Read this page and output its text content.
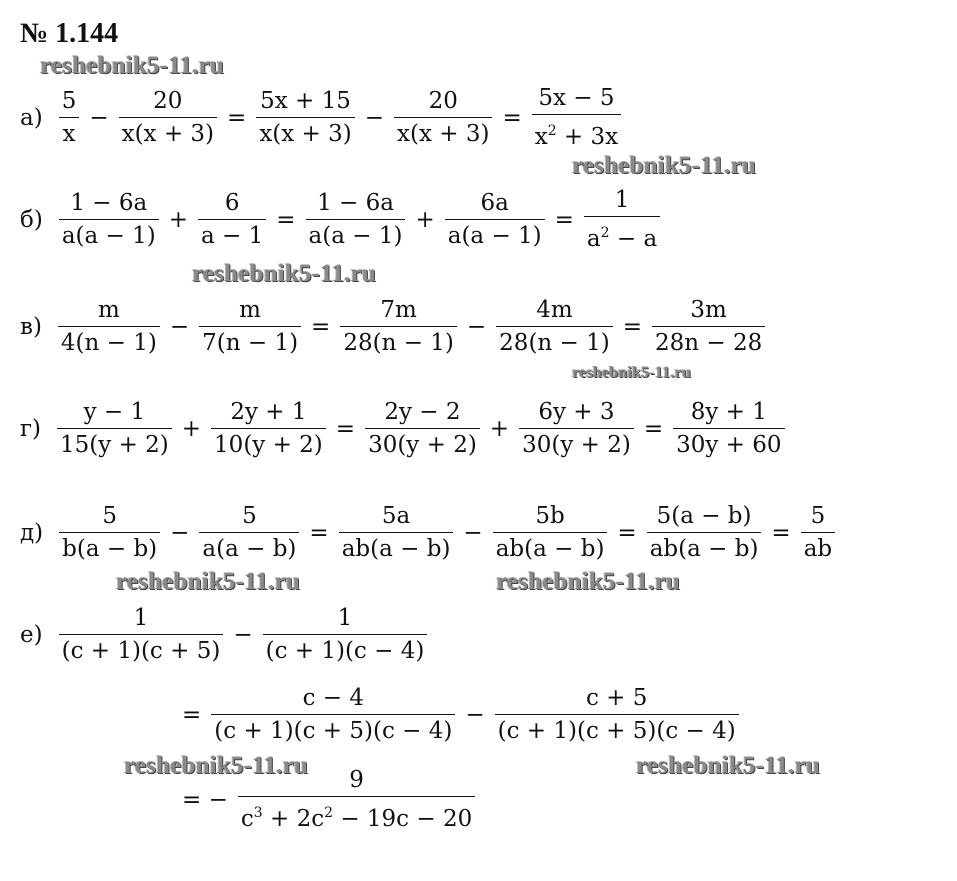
№ 1.144
reshebnik5-11.ru
reshebnik5-11.ru
reshebnik5-11.ru
reshebnik5-11.ru
reshebnik5-11.ru	reshebnik5-11.ru
reshebnik5-11.ru	reshebnik5-11.ru
$а) \frac{5}{x} - \frac{20}{x(x + 3)} = \frac{5x + 15}{x(x + 3)} - \frac{20}{x(x + 3)} = \frac{5x - 5}{x^2 + 3x}$
$б) \frac{1 - 6a}{a(a - 1)} + \frac{6}{a - 1} = \frac{1 - 6a}{a(a - 1)} + \frac{6a}{a(a - 1)} = \frac{1}{a^2 - a}$
$в) \frac{m}{4(n - 1)} - \frac{m}{7(n - 1)} = \frac{7m}{28(n - 1)} - \frac{4m}{28(n - 1)} = \frac{3m}{28n - 28}$
$г) \frac{y - 1}{15(y + 2)} + \frac{2y + 1}{10(y + 2)} = \frac{2y - 2}{30(y + 2)} + \frac{6y + 3}{30(y + 2)} = \frac{8y + 1}{30y + 60}$
$д) \frac{5}{b(a - b)} - \frac{5}{a(a - b)} = \frac{5a}{ab(a - b)} - \frac{5b}{ab(a - b)} = \frac{5(a - b)}{ab(a - b)} = \frac{5}{ab}$
$е) \frac{1}{(c + 1)(c + 5)} - \frac{1}{(c + 1)(c - 4)}$
= $\frac{c - 4}{(c + 1)(c + 5)(c - 4)} - \frac{c + 5}{(c + 1)(c + 5)(c - 4)}$
= − $\frac{9}{c^3 + 2c^2 - 19c - 20}$
